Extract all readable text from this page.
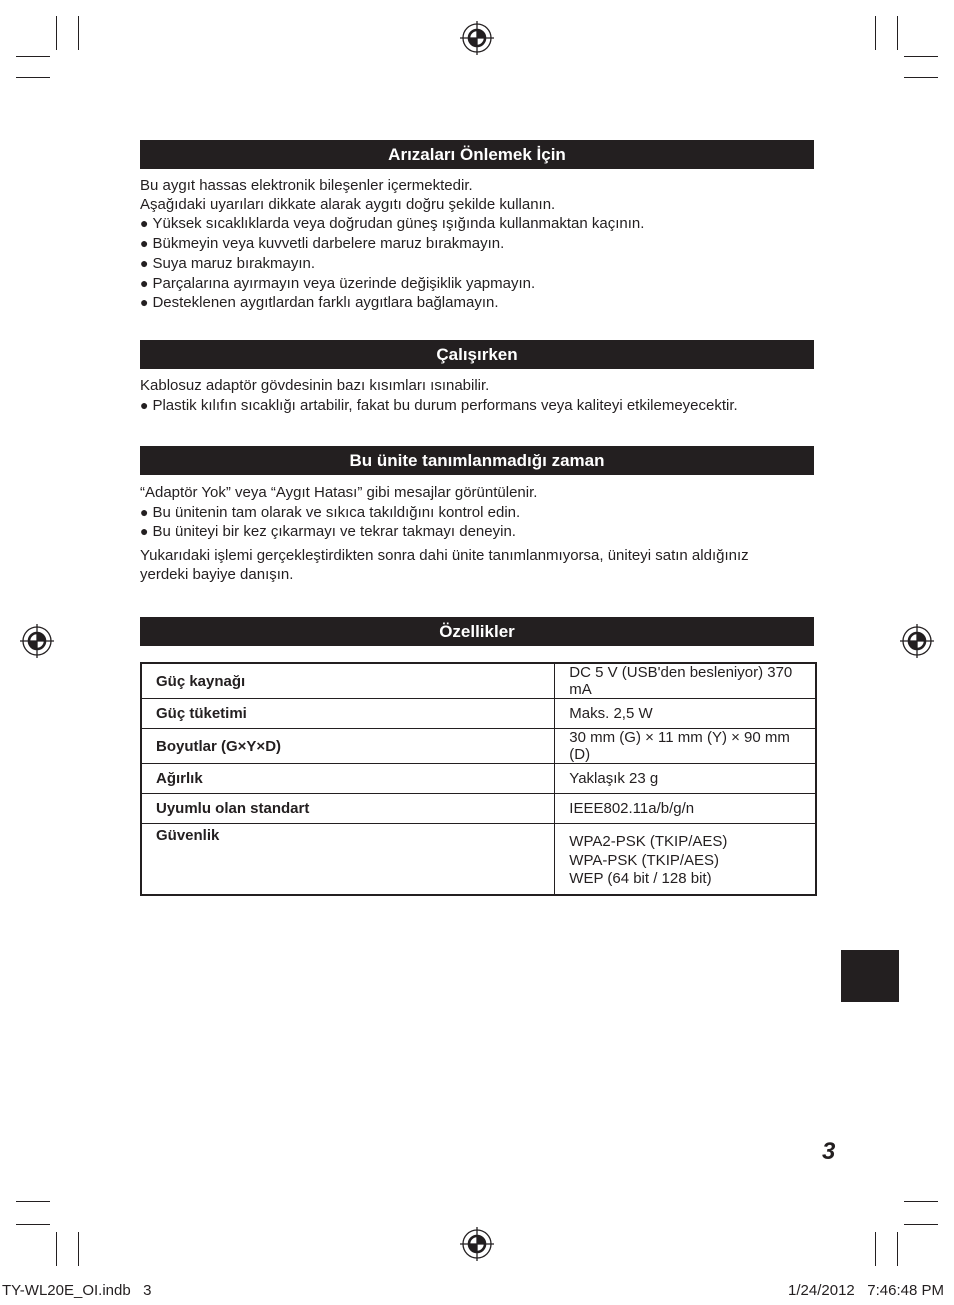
Arızaları Önlemek İçin

Bu aygıt hassas elektronik bileşenler içermektedir.

Aşağıdaki uyarıları dikkate alarak aygıtı doğru şekilde kullanın.

● Yüksek sıcaklıklarda veya doğrudan güneş ışığında kullanmaktan kaçının.

● Bükmeyin veya kuvvetli darbelere maruz bırakmayın.

● Suya maruz bırakmayın.

● Parçalarına ayırmayın veya üzerinde değişiklik yapmayın.

● Desteklenen aygıtlardan farklı aygıtlara bağlamayın.

Çalışırken

Kablosuz adaptör gövdesinin bazı kısımları ısınabilir.

● Plastik kılıfın sıcaklığı artabilir, fakat bu durum performans veya kaliteyi etkilemeyecektir.

Bu ünite tanımlanmadığı zaman

“Adaptör Yok” veya “Aygıt Hatası” gibi mesajlar görüntülenir.

● Bu ünitenin tam olarak ve sıkıca takıldığını kontrol edin.

● Bu üniteyi bir kez çıkarmayı ve tekrar takmayı deneyin.

Yukarıdaki işlemi gerçekleştirdikten sonra dahi ünite tanımlanmıyorsa, üniteyi satın aldığınız

yerdeki bayiye danışın.

Özellikler
Güç kaynağı	DC 5 V (USB'den besleniyor) 370 mA
Güç tüketimi	Maks. 2,5 W
Boyutlar (G×Y×D)	30 mm (G) × 11 mm (Y) × 90 mm (D)
Ağırlık	Yaklaşık 23 g
Uyumlu olan standart	IEEE802.11a/b/g/n
Güvenlik	WPA2-PSK (TKIP/AES)
WPA-PSK (TKIP/AES)
WEP (64 bit / 128 bit)
3
TY-WL20E_OI.indb   3	1/24/2012   7:46:48 PM
